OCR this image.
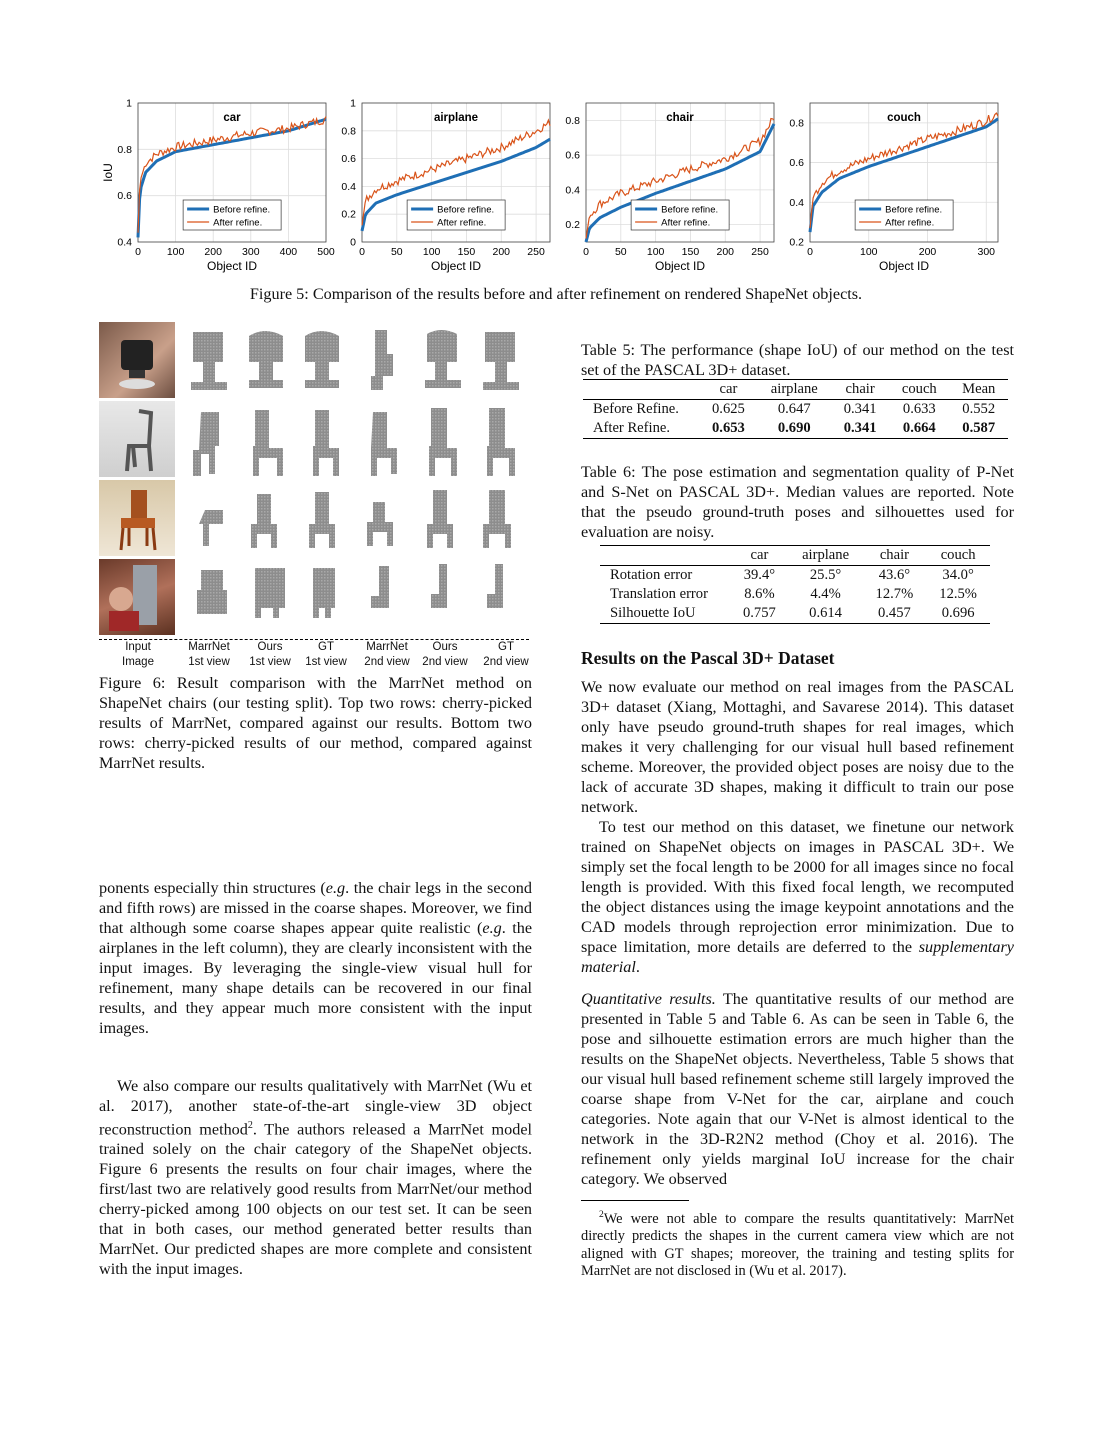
0 100 200 300 400 500
0.4
0.6
0.8
1
Object ID
IoU
car
Before refine.
After refine.
0 50 100 150 200 250
0
0.2
0.4
0.6
0.8
1
Object ID
airplane
Before refine.
After refine.
0 50 100 150 200 250
0.2
0.4
0.6
0.8
Object ID
chair
Before refine.
After refine.
0	100	200	300
0.2
0.4
0.6
0.8
Object ID
couch
Before refine.
After refine.
Figure 5: Comparison of the results before and after refinement on rendered ShapeNet objects.
Input
Image
MarrNet
1st view
Ours
1st view
GT
1st view
MarrNet
2nd view
Ours
2nd view
GT
2nd view

Figure 6: Result comparison with the MarrNet method on ShapeNet chairs (our testing split). Top two rows: cherry-picked results of MarrNet, compared against our results. Bottom two rows: cherry-picked results of our method, compared against MarrNet results.

ponents especially thin structures (e.g. the chair legs in the second and fifth rows) are missed in the coarse shapes. Moreover, we find that although some coarse shapes appear quite realistic (e.g. the airplanes in the left column), they are clearly inconsistent with the input images. By leveraging the single-view visual hull for refinement, many shape details can be recovered in our final results, and they appear much more consistent with the input images.

We also compare our results qualitatively with MarrNet (Wu et al. 2017), another state-of-the-art single-view 3D object reconstruction method$^2$. The authors released a MarrNet model trained solely on the chair category of the ShapeNet objects. Figure 6 presents the results on four chair images, where the first/last two are relatively good results from MarrNet/our method cherry-picked among 100 objects on our test set. It can be seen that in both cases, our method generated better results than MarrNet. Our predicted shapes are more complete and consistent with the input images.

Table 5: The performance (shape IoU) of our method on the test set of the PASCAL 3D+ dataset.

	car	airplane	chair	couch	Mean
Before Refine.	0.625	0.647	0.341	0.633	0.552
After Refine.	0.653	0.690	0.341	0.664	0.587

Table 6: The pose estimation and segmentation quality of P-Net and S-Net on PASCAL 3D+. Median values are reported. Note that the pseudo ground-truth poses and silhouettes used for evaluation are noisy.

	car	airplane	chair	couch
Rotation error	39.4°	25.5°	43.6°	34.0°
Translation error	8.6%	4.4%	12.7%	12.5%
Silhouette IoU	0.757	0.614	0.457	0.696
Results on the Pascal 3D+ Dataset

We now evaluate our method on real images from the PASCAL 3D+ dataset (Xiang, Mottaghi, and Savarese 2014). This dataset only have pseudo ground-truth shapes for real images, which makes it very challenging for our visual hull based refinement scheme. Moreover, the provided object poses are noisy due to the lack of accurate 3D shapes, making it difficult to train our pose network.

To test our method on this dataset, we finetune our network trained on ShapeNet objects on images in PASCAL 3D+. We simply set the focal length to be 2000 for all images since no focal length is provided. With this fixed focal length, we recomputed the object distances using the image keypoint annotations and the CAD models through reprojection error minimization. Due to space limitation, more details are deferred to the supplementary material.

Quantitative results. The quantitative results of our method are presented in Table 5 and Table 6. As can be seen in Table 6, the pose and silhouette estimation errors are much higher than the results on the ShapeNet objects. Nevertheless, Table 5 shows that our visual hull based refinement scheme still largely improved the coarse shape from V-Net for the car, airplane and couch categories. Note again that our V-Net is almost identical to the network in the 3D-R2N2 method (Choy et al. 2016). The refinement only yields marginal IoU increase for the chair category. We observed

$^2$We were not able to compare the results quantitatively: MarrNet directly predicts the shapes in the current camera view which are not aligned with GT shapes; moreover, the training and testing splits for MarrNet are not disclosed in (Wu et al. 2017).
